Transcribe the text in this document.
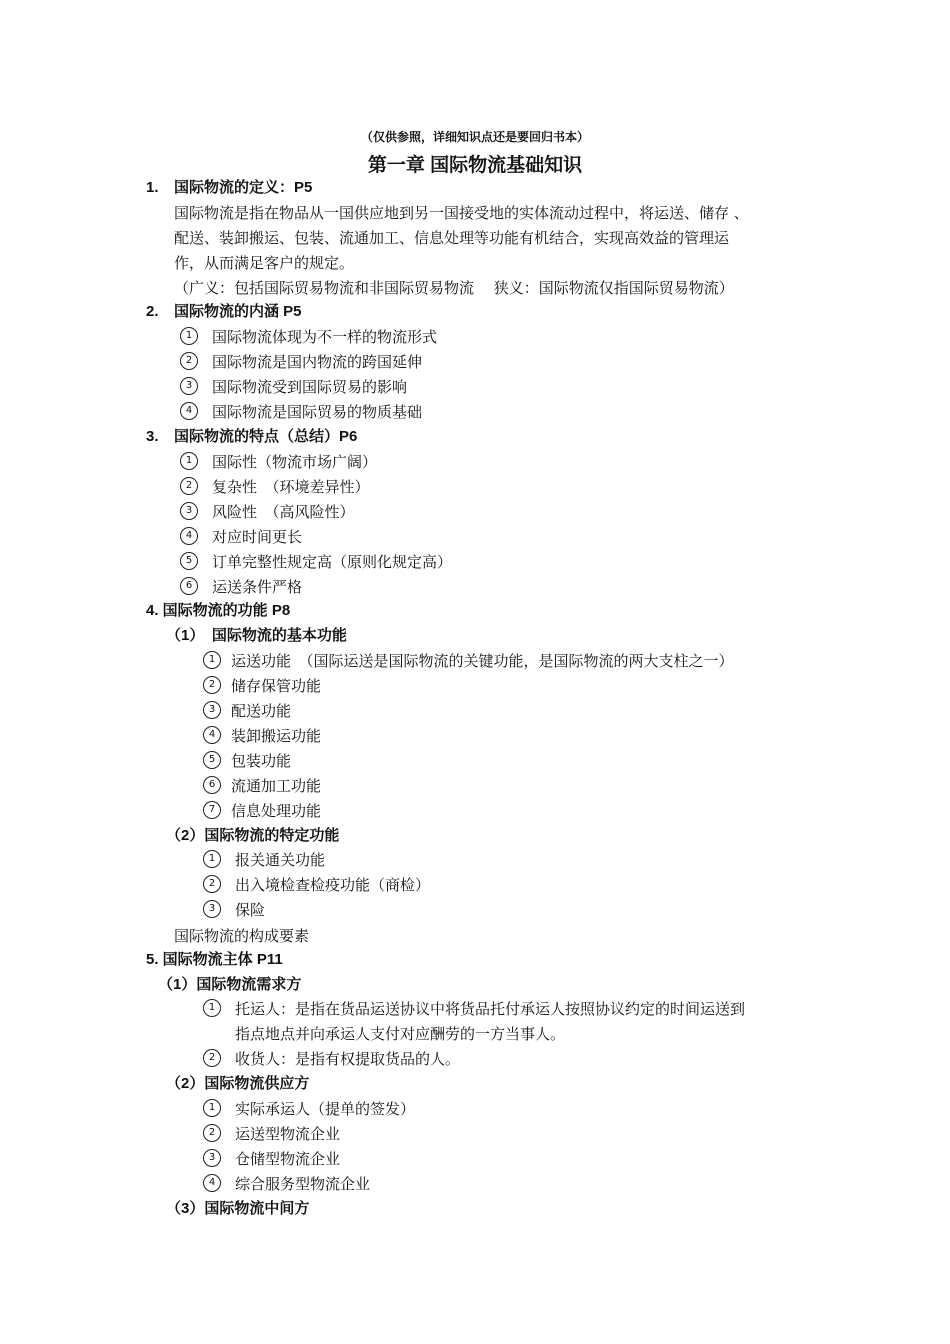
（仅供参照，详细知识点还是要回归书本）
第一章 国际物流基础知识
1. 国际物流的定义：P5
国际物流是指在物品从一国供应地到另一国接受地的实体流动过程中，将运送、储存 、
配送、装卸搬运、包装、流通加工、信息处理等功能有机结合，实现高效益的管理运
作，从而满足客户的规定。
（广义：包括国际贸易物流和非国际贸易物流　 狭义：国际物流仅指国际贸易物流）
2. 国际物流的内涵 P5
1 国际物流体现为不一样的物流形式
2 国际物流是国内物流的跨国延伸
3 国际物流受到国际贸易的影响
4 国际物流是国际贸易的物质基础
3. 国际物流的特点（总结）P6
1 国际性（物流市场广阔）
2 复杂性　（环境差异性）
3 风险性　（高风险性）
4 对应时间更长
5 订单完整性规定高（原则化规定高）
6 运送条件严格
4. 国际物流的功能 P8
（1）　国际物流的基本功能
1 运送功能　（国际运送是国际物流的关键功能，是国际物流的两大支柱之一）
2 储存保管功能
3 配送功能
4 装卸搬运功能
5 包装功能
6 流通加工功能
7 信息处理功能
（2）国际物流的特定功能
1 报关通关功能
2 出入境检查检疫功能（商检）
3 保险
国际物流的构成要素
5. 国际物流主体 P11
（1）国际物流需求方
1 托运人：是指在货品运送协议中将货品托付承运人按照协议约定的时间运送到
指点地点并向承运人支付对应酬劳的一方当事人。
2 收货人：是指有权提取货品的人。
（2）国际物流供应方
1 实际承运人（提单的签发）
2 运送型物流企业
3 仓储型物流企业
4 综合服务型物流企业
（3）国际物流中间方
